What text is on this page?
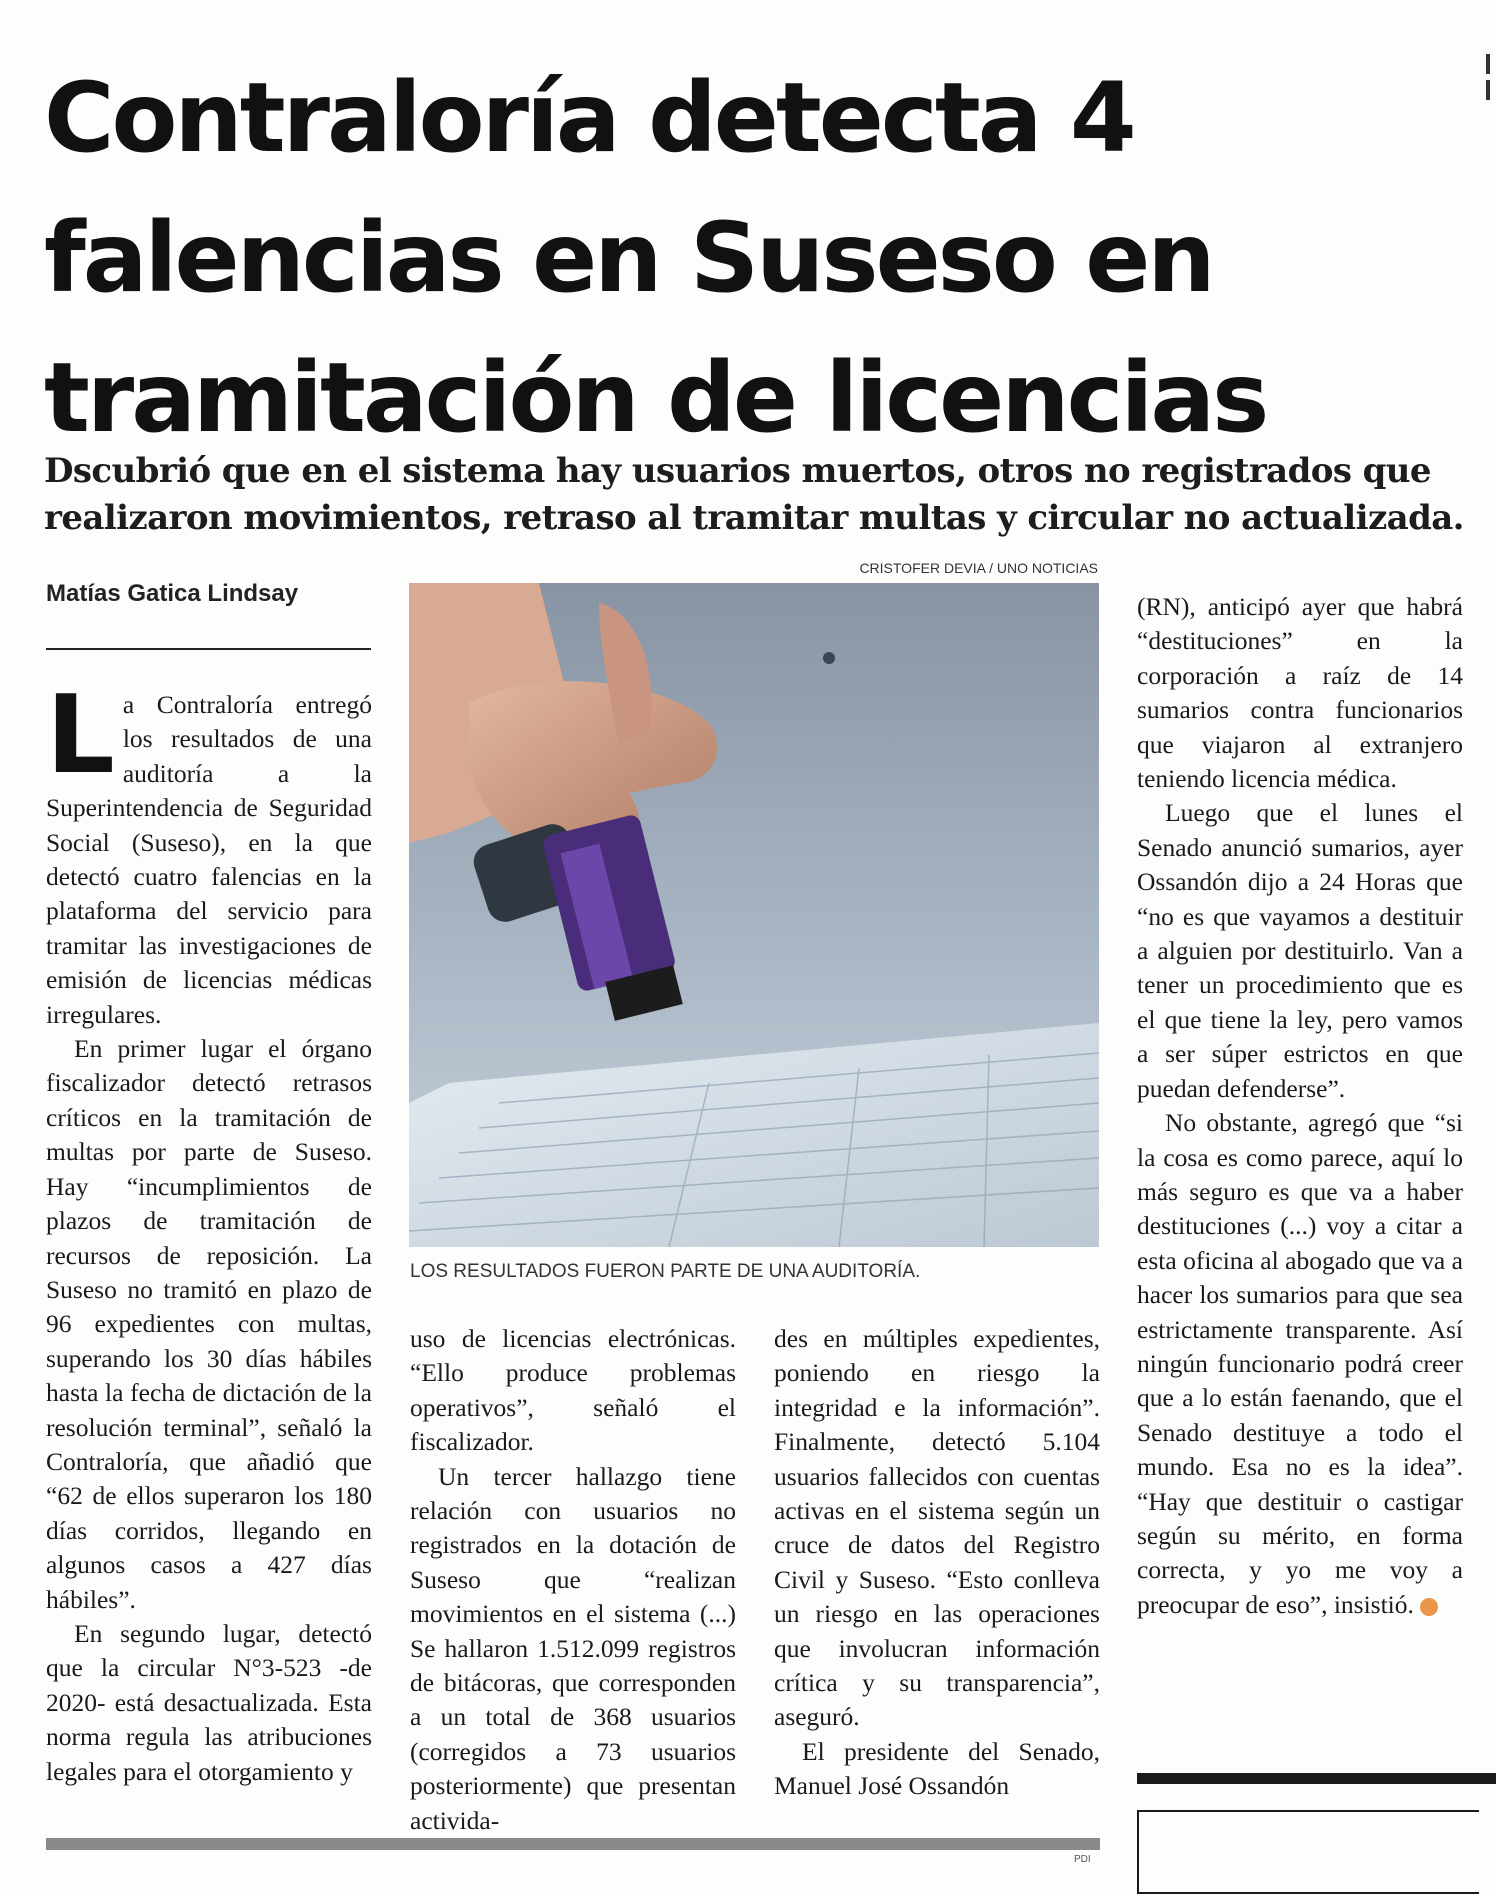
Contraloría detecta 4
falencias en Suseso en
tramitación de licencias
Dscubrió que en el sistema hay usuarios muertos, otros no registrados que
realizaron movimientos, retraso al tramitar multas y circular no actualizada.
Matías Gatica Lindsay
CRISTOFER DEVIA / UNO NOTICIAS
LOS RESULTADOS FUERON PARTE DE UNA AUDITORÍA.

La Contraloría entregó los resultados de una auditoría a la Superintendencia de Seguridad Social (Suseso), en la que detectó cuatro falencias en la plataforma del servicio para tramitar las investigaciones de emisión de licencias médicas irregulares.

En primer lugar el órgano fiscalizador detectó retrasos críticos en la tramitación de multas por parte de Suseso. Hay “incumplimientos de plazos de tramitación de recursos de reposición. La Suseso no tramitó en plazo de 96 expedientes con multas, superando los 30 días hábiles hasta la fecha de dictación de la resolución terminal”, señaló la Contraloría, que añadió que “62 de ellos superaron los 180 días corridos, llegando en algunos casos a 427 días hábiles”.

En segundo lugar, detectó que la circular N°3-523 -de 2020- está desactualizada. Esta norma regula las atribuciones legales para el otorgamiento y

uso de licencias electrónicas. “Ello produce problemas operativos”, señaló el fiscalizador.

Un tercer hallazgo tiene relación con usuarios no registrados en la dotación de Suseso que “realizan movimientos en el sistema (...) Se hallaron 1.512.099 registros de bitácoras, que corresponden a un total de 368 usuarios (corregidos a 73 usuarios posteriormente) que presentan activida-

des en múltiples expedientes, poniendo en riesgo la integridad e la información”. Finalmente, detectó 5.104 usuarios fallecidos con cuentas activas en el sistema según un cruce de datos del Registro Civil y Suseso. “Esto conlleva un riesgo en las operaciones que involucran información crítica y su transparencia”, aseguró.

El presidente del Senado, Manuel José Ossandón

(RN), anticipó ayer que habrá “destituciones” en la corporación a raíz de 14 sumarios contra funcionarios que viajaron al extranjero teniendo licencia médica.

Luego que el lunes el Senado anunció sumarios, ayer Ossandón dijo a 24 Horas que “no es que vayamos a destituir a alguien por destituirlo. Van a tener un procedimiento que es el que tiene la ley, pero vamos a ser súper estrictos en que puedan defenderse”.

No obstante, agregó que “si la cosa es como parece, aquí lo más seguro es que va a haber destituciones (...) voy a citar a esta oficina al abogado que va a hacer los sumarios para que sea estrictamente transparente. Así ningún funcionario podrá creer que a lo están faenando, que el Senado destituye a todo el mundo. Esa no es la idea”. “Hay que destituir o castigar según su mérito, en forma correcta, y yo me voy a preocupar de eso”, insistió. ✪

PDI
